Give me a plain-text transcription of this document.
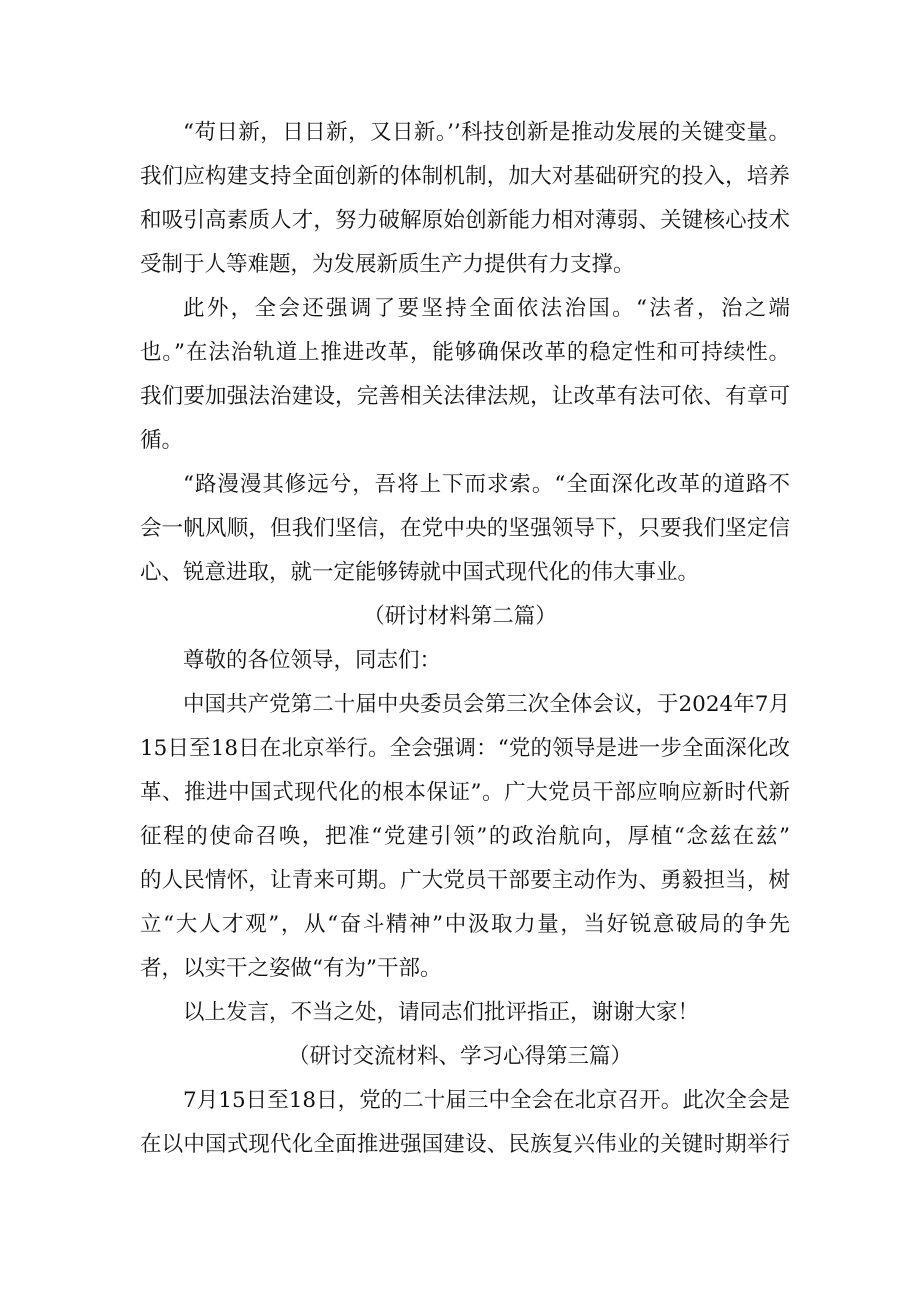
“苟日新，日日新，又日新。’’科技创新是推动发展的关键变量。
我们应构建支持全面创新的体制机制，加大对基础研究的投入，培养
和吸引高素质人才，努力破解原始创新能力相对薄弱、关键核心技术
受制于人等难题，为发展新质生产力提供有力支撑。
此外，全会还强调了要坚持全面依法治国。“法者，治之端
也。”在法治轨道上推进改革，能够确保改革的稳定性和可持续性。
我们要加强法治建设，完善相关法律法规，让改革有法可依、有章可
循。
“路漫漫其修远兮，吾将上下而求索。“全面深化改革的道路不
会一帆风顺，但我们坚信，在党中央的坚强领导下，只要我们坚定信
心、锐意进取，就一定能够铸就中国式现代化的伟大事业。
（研讨材料第二篇）
尊敬的各位领导，同志们：
中国共产党第二十届中央委员会第三次全体会议，于2024年7月
15日至18日在北京举行。全会强调：“党的领导是进一步全面深化改
革、推进中国式现代化的根本保证”。广大党员干部应响应新时代新
征程的使命召唤，把准“党建引领”的政治航向，厚植“念兹在兹”
的人民情怀，让青来可期。广大党员干部要主动作为、勇毅担当，树
立“大人才观”，从“奋斗精神”中汲取力量，当好锐意破局的争先
者，以实干之姿做“有为”干部。
以上发言，不当之处，请同志们批评指正，谢谢大家！
（研讨交流材料、学习心得第三篇）
7月15日至18日，党的二十届三中全会在北京召开。此次全会是
在以中国式现代化全面推进强国建设、民族复兴伟业的关键时期举行
